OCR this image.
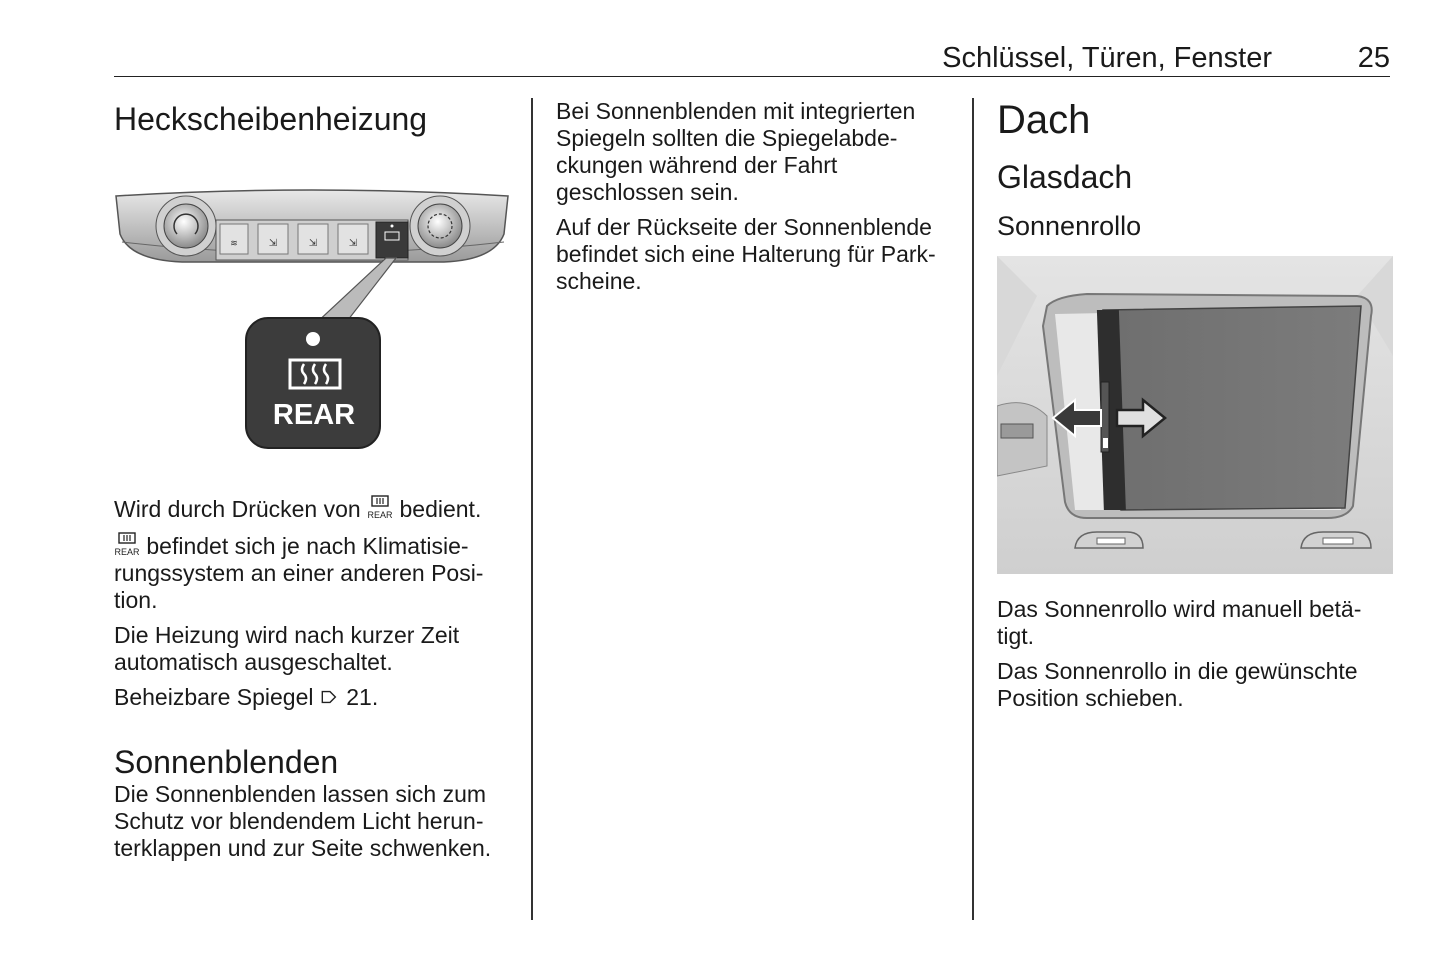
Schlüssel, Türen, Fenster	25
Heckscheibenheizung
≋	⇲	⇲	⇲
REAR

Wird durch Drücken von REAR bedient.

REAR befindet sich je nach Klimatisie-
rungssystem an einer anderen Posi-
tion.

Die Heizung wird nach kurzer Zeit
automatisch ausgeschaltet.

Beheizbare Spiegel 21.

Sonnenblenden

Die Sonnenblenden lassen sich zum
Schutz vor blendendem Licht herun-
terklappen und zur Seite schwenken.

Bei Sonnenblenden mit integrierten
Spiegeln sollten die Spiegelabde-
ckungen während der Fahrt
geschlossen sein.

Auf der Rückseite der Sonnenblende
befindet sich eine Halterung für Park-
scheine.

Dach
Glasdach
Sonnenrollo

Das Sonnenrollo wird manuell betä-
tigt.

Das Sonnenrollo in die gewünschte
Position schieben.
